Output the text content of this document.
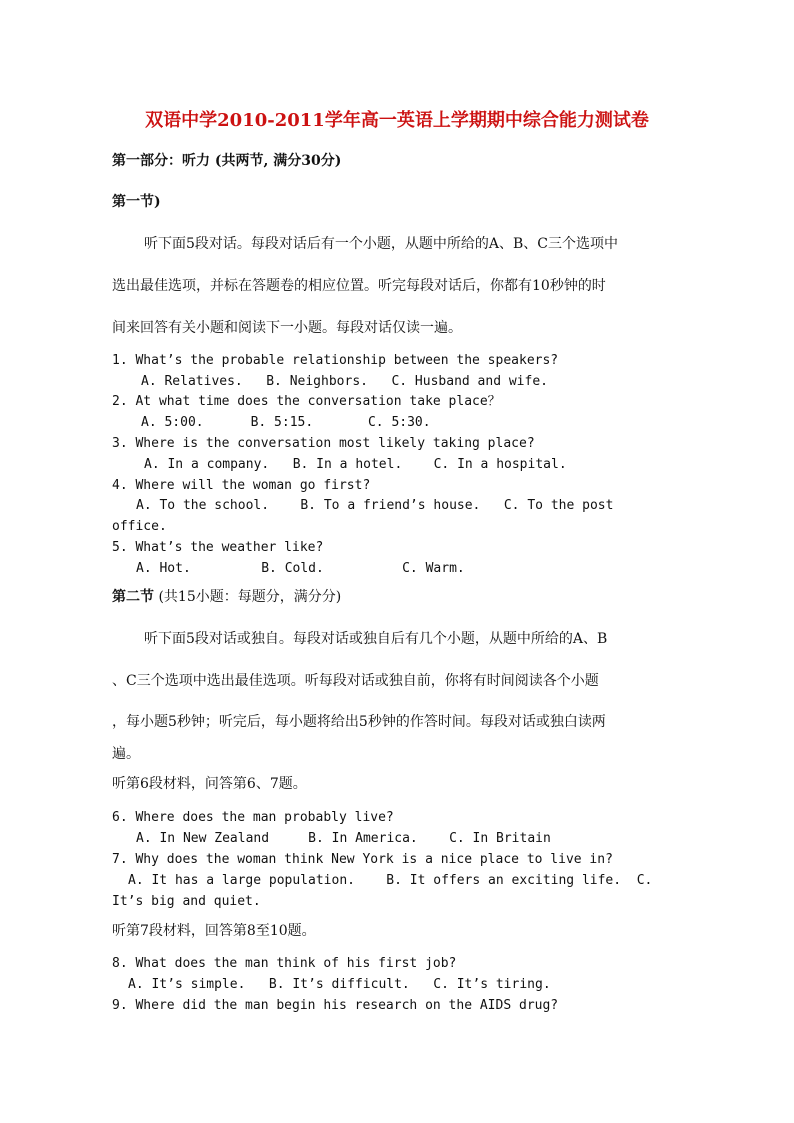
双语中学2010-2011学年高一英语上学期期中综合能力测试卷
第一部分：听力 (共两节, 满分30分)
第一节)
听下面5段对话。每段对话后有一个小题，从题中所给的A、B、C三个选项中
选出最佳选项，并标在答题卷的相应位置。听完每段对话后，你都有10秒钟的时
间来回答有关小题和阅读下一小题。每段对话仅读一遍。
1. What’s the probable relationship between the speakers?
A. Relatives.   B. Neighbors.   C. Husband and wife.
2. At what time does the conversation take place？
A. 5:00.      B. 5:15.       C. 5:30.
3. Where is the conversation most likely taking place?
A. In a company.   B. In a hotel.    C. In a hospital.
4. Where will the woman go first?
A. To the school.    B. To a friend’s house.   C. To the post
office.
5. What’s the weather like?
A. Hot.         B. Cold.          C. Warm.
第二节 (共15小题：每题分，满分分)
听下面5段对话或独自。每段对话或独自后有几个小题，从题中所给的A、B
、C三个选项中选出最佳选项。听每段对话或独自前，你将有时间阅读各个小题
，每小题5秒钟；听完后，每小题将给出5秒钟的作答时间。每段对话或独白读两
遍。
听第6段材料，问答第6、7题。
6. Where does the man probably live?
A. In New Zealand     B. In America.    C. In Britain
7. Why does the woman think New York is a nice place to live in?
A. It has a large population.    B. It offers an exciting life.  C.
It’s big and quiet.
听第7段材料，回答第8至10题。
8. What does the man think of his first job?
A. It’s simple.   B. It’s difficult.   C. It’s tiring.
9. Where did the man begin his research on the AIDS drug?
